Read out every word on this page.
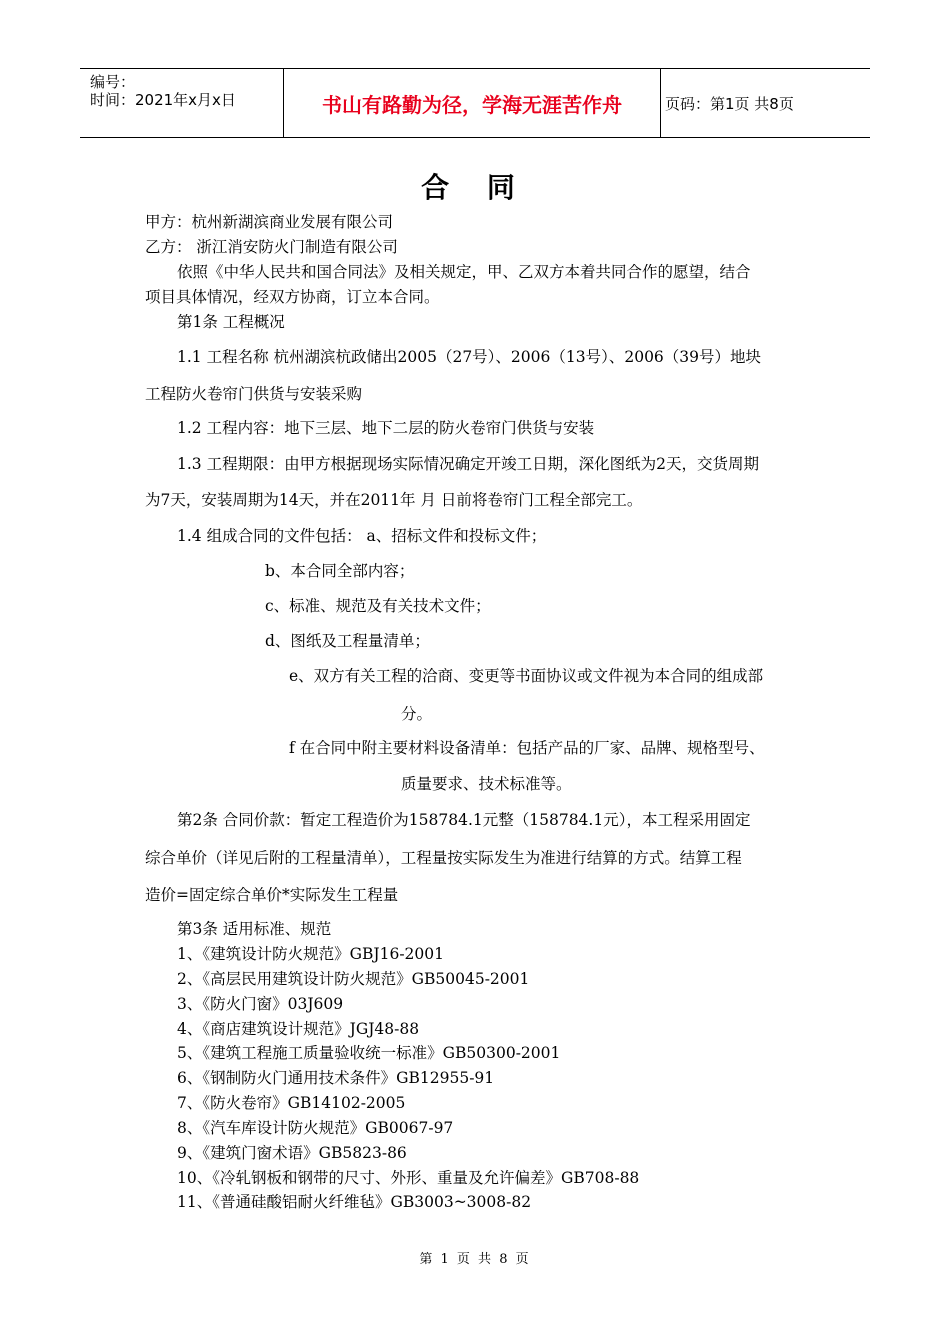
编号：
时间：2021年x月x日	书山有路勤为径，学海无涯苦作舟	页码：第1页 共8页
合 同
甲方：杭州新湖滨商业发展有限公司
乙方： 浙江消安防火门制造有限公司
依照《中华人民共和国合同法》及相关规定，甲、乙双方本着共同合作的愿望，结合
项目具体情况，经双方协商，订立本合同。
第1条 工程概况
1.1 工程名称 杭州湖滨杭政储出2005（27号）、2006（13号）、2006（39号）地块
工程防火卷帘门供货与安装采购
1.2 工程内容：地下三层、地下二层的防火卷帘门供货与安装
1.3 工程期限：由甲方根据现场实际情况确定开竣工日期，深化图纸为2天，交货周期
为7天，安装周期为14天，并在2011年 月 日前将卷帘门工程全部完工。
1.4 组成合同的文件包括： a、招标文件和投标文件；
b、本合同全部内容；
c、标准、规范及有关技术文件；
d、图纸及工程量清单；
e、双方有关工程的洽商、变更等书面协议或文件视为本合同的组成部
分。
f 在合同中附主要材料设备清单：包括产品的厂家、品牌、规格型号、
质量要求、技术标准等。
第2条 合同价款：暂定工程造价为158784.1元整（158784.1元），本工程采用固定
综合单价（详见后附的工程量清单），工程量按实际发生为准进行结算的方式。结算工程
造价=固定综合单价*实际发生工程量
第3条 适用标准、规范
1、《建筑设计防火规范》GBJ16-2001
2、《高层民用建筑设计防火规范》GB50045-2001
3、《防火门窗》03J609
4、《商店建筑设计规范》JGJ48-88
5、《建筑工程施工质量验收统一标准》GB50300-2001
6、《钢制防火门通用技术条件》GB12955-91
7、《防火卷帘》GB14102-2005
8、《汽车库设计防火规范》GB0067-97
9、《建筑门窗术语》GB5823-86
10、《冷轧钢板和钢带的尺寸、外形、重量及允许偏差》GB708-88
11、《普通硅酸铝耐火纤维毡》GB3003~3008-82
第 1 页 共 8 页
